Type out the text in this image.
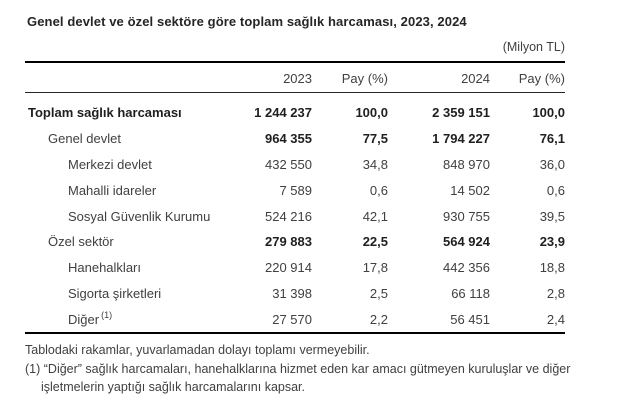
Genel devlet ve özel sektöre göre toplam sağlık harcaması, 2023, 2024
(Milyon TL)
2023	Pay (%)	2024	Pay (%)
Toplam sağlık harcaması	1 244 237	100,0	2 359 151	100,0
Genel devlet	964 355	77,5	1 794 227	76,1
Merkezi devlet	432 550	34,8	848 970	36,0
Mahalli idareler	7 589	0,6	14 502	0,6
Sosyal Güvenlik Kurumu	524 216	42,1	930 755	39,5
Özel sektör	279 883	22,5	564 924	23,9
Hanehalkları	220 914	17,8	442 356	18,8
Sigorta şirketleri	31 398	2,5	66 118	2,8
Diğer $^{(1)}$	27 570	2,2	56 451	2,4
Tablodaki rakamlar, yuvarlamadan dolayı toplamı vermeyebilir.
(1) “Diğer” sağlık harcamaları, hanehalklarına hizmet eden kar amacı gütmeyen kuruluşlar ve diğer işletmelerin yaptığı sağlık harcamalarını kapsar.
